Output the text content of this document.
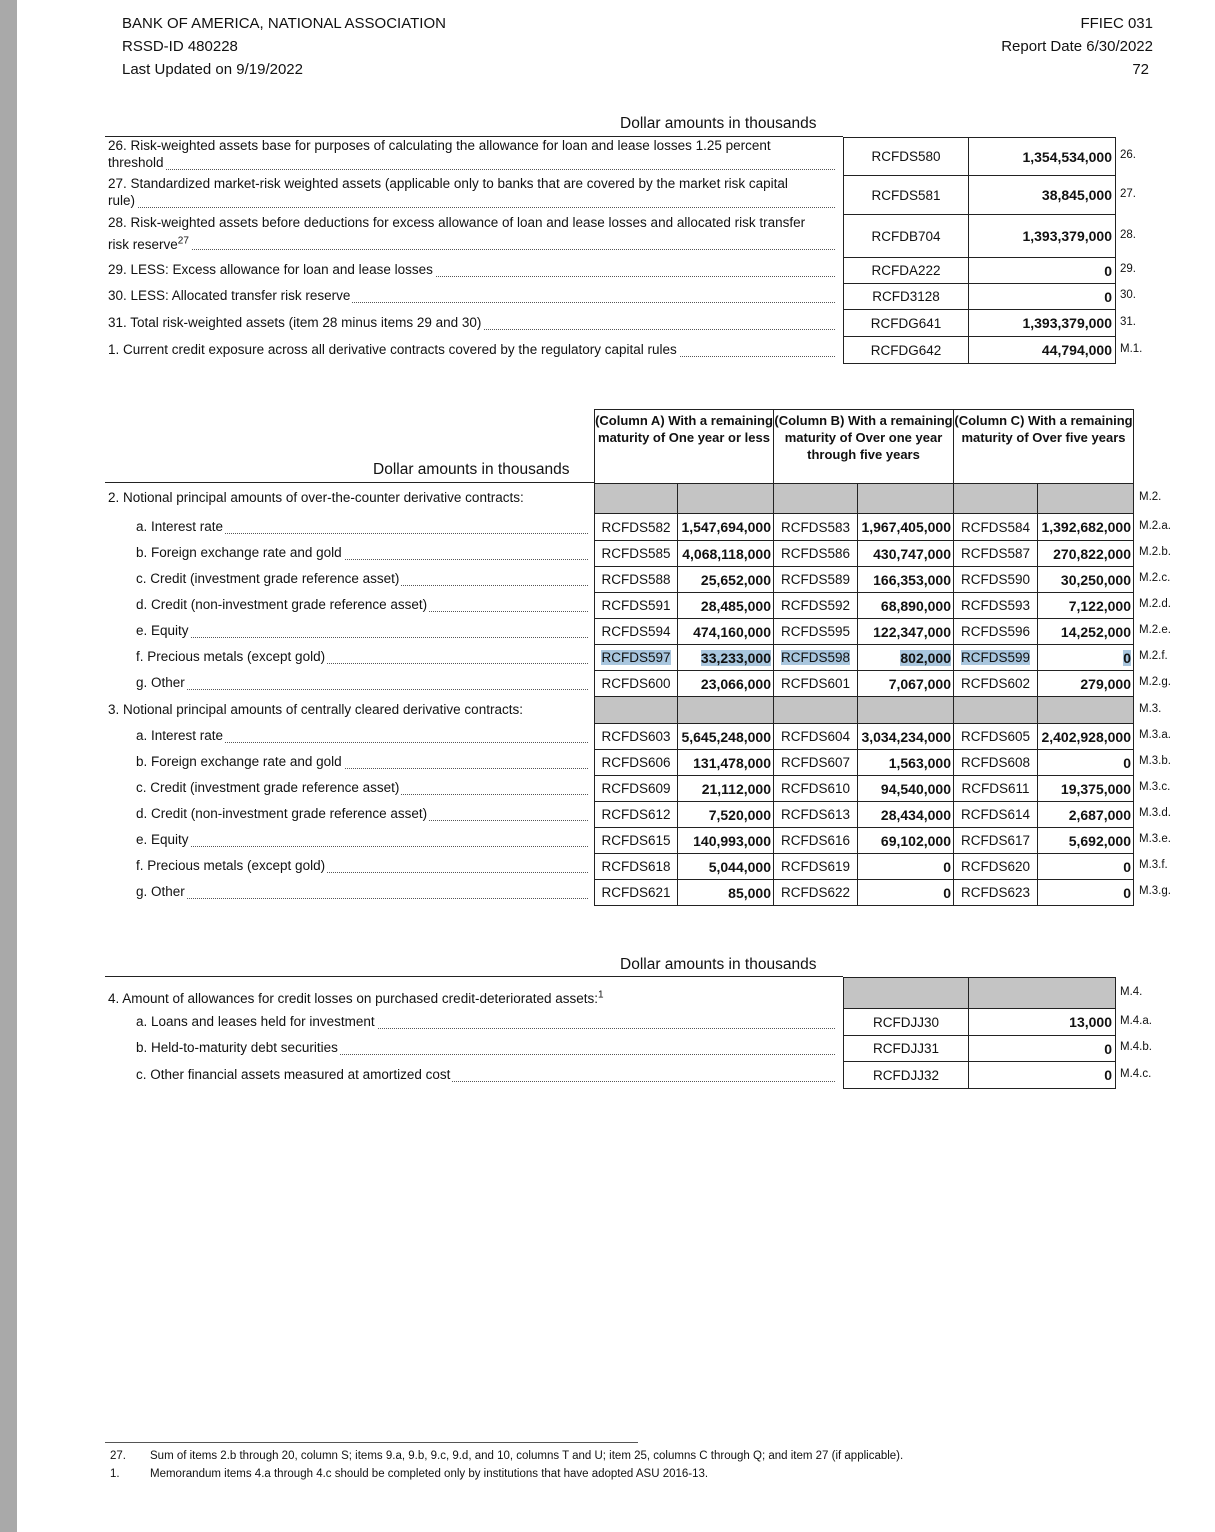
BANK OF AMERICA, NATIONAL ASSOCIATION
RSSD-ID 480228
Last Updated on 9/19/2022
FFIEC 031
Report Date 6/30/2022
72
Dollar amounts in thousands
Dollar amounts in thousands
Dollar amounts in thousands
26. Risk-weighted assets base for purposes of calculating the allowance for loan and lease losses 1.25 percent
threshold	RCFDS580	1,354,534,000 26.
27. Standardized market-risk weighted assets (applicable only to banks that are covered by the market risk capital
rule)	RCFDS581	38,845,000 27.
28. Risk-weighted assets before deductions for excess allowance of loan and lease losses and allocated risk transfer
risk reserve$^{27}$	RCFDB704	1,393,379,000 28.
29. LESS: Excess allowance for loan and lease losses	RCFDA222	0 29.
30. LESS: Allocated transfer risk reserve	RCFD3128	0 30.
31. Total risk-weighted assets (item 28 minus items 29 and 30)	RCFDG641	1,393,379,000 31.
1. Current credit exposure across all derivative contracts covered by the regulatory capital rules	RCFDG642	44,794,000 M.1.
(Column A) With a remaining maturity of One year or less
(Column B) With a remaining maturity of Over one year through five years
(Column C) With a remaining maturity of Over five years
2. Notional principal amounts of over-the-counter derivative contracts:	M.2.
a. Interest rate	RCFDS582 1,547,694,000 RCFDS583 1,967,405,000 RCFDS584 1,392,682,000 M.2.a.
b. Foreign exchange rate and gold	RCFDS585 4,068,118,000 RCFDS586 430,747,000 RCFDS587 270,822,000 M.2.b.
c. Credit (investment grade reference asset)	RCFDS588 25,652,000 RCFDS589 166,353,000 RCFDS590 30,250,000 M.2.c.
d. Credit (non-investment grade reference asset)	RCFDS591 28,485,000 RCFDS592 68,890,000 RCFDS593	7,122,000 M.2.d.
e. Equity	RCFDS594 474,160,000 RCFDS595 122,347,000 RCFDS596 14,252,000 M.2.e.
f. Precious metals (except gold)	RCFDS597 33,233,000 RCFDS598	802,000 RCFDS599	0 M.2.f.
g. Other	RCFDS600 23,066,000 RCFDS601	7,067,000 RCFDS602	279,000 M.2.g.
3. Notional principal amounts of centrally cleared derivative contracts:	M.3.
a. Interest rate	RCFDS603 5,645,248,000 RCFDS604 3,034,234,000 RCFDS605 2,402,928,000 M.3.a.
b. Foreign exchange rate and gold	RCFDS606 131,478,000 RCFDS607	1,563,000 RCFDS608	0 M.3.b.
c. Credit (investment grade reference asset)	RCFDS609 21,112,000 RCFDS610 94,540,000 RCFDS611 19,375,000 M.3.c.
d. Credit (non-investment grade reference asset)	RCFDS612	7,520,000 RCFDS613 28,434,000 RCFDS614	2,687,000 M.3.d.
e. Equity	RCFDS615 140,993,000 RCFDS616 69,102,000 RCFDS617	5,692,000 M.3.e.
f. Precious metals (except gold)	RCFDS618	5,044,000 RCFDS619	0 RCFDS620	0 M.3.f.
g. Other	RCFDS621	85,000 RCFDS622	0 RCFDS623	0 M.3.g.
4. Amount of allowances for credit losses on purchased credit-deteriorated assets:$^1$	M.4.
a. Loans and leases held for investment	RCFDJJ30	13,000 M.4.a.
b. Held-to-maturity debt securities	RCFDJJ31	0 M.4.b.
c. Other financial assets measured at amortized cost	RCFDJJ32	0 M.4.c.
27. Sum of items 2.b through 20, column S; items 9.a, 9.b, 9.c, 9.d, and 10, columns T and U; item 25, columns C through Q; and item 27 (if applicable).
1.	Memorandum items 4.a through 4.c should be completed only by institutions that have adopted ASU 2016-13.
